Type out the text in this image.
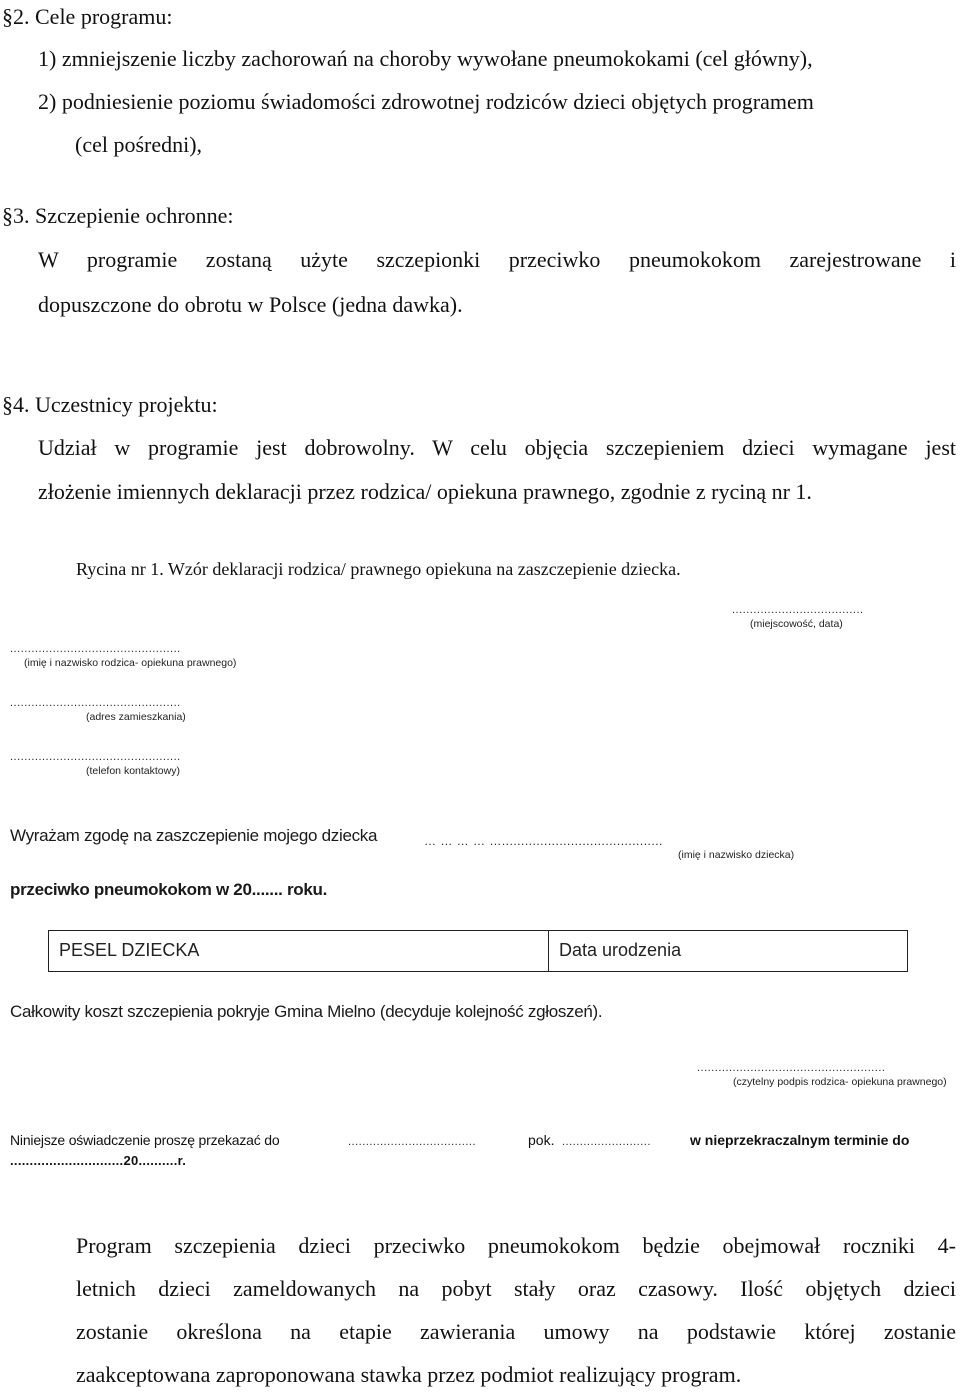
§2. Cele programu:
1) zmniejszenie liczby zachorowań na choroby wywołane pneumokokami (cel główny),
2) podniesienie poziomu świadomości zdrowotnej rodziców dzieci objętych programem
(cel pośredni),
§3. Szczepienie ochronne:
W programie zostaną użyte szczepionki przeciwko pneumokokom zarejestrowane i
dopuszczone do obrotu w Polsce (jedna dawka).
§4. Uczestnicy projektu:
Udział w programie jest dobrowolny. W celu objęcia szczepieniem dzieci wymagane jest
złożenie imiennych deklaracji przez rodzica/ opiekuna prawnego, zgodnie z ryciną nr 1.
Rycina nr 1. Wzór deklaracji rodzica/ prawnego opiekuna na zaszczepienie dziecka.
.....................................
(miejscowość, data)
................................................
(imię i nazwisko rodzica- opiekuna prawnego)
................................................
(adres zamieszkania)
................................................
(telefon kontaktowy)
Wyrażam zgodę na zaszczepienie mojego dziecka	… … … … …..........................................
(imię i nazwisko dziecka)
przeciwko pneumokokom w 20....... roku.
PESEL DZIECKA	Data urodzenia
Całkowity koszt szczepienia pokryje Gmina Mielno (decyduje kolejność zgłoszeń).
.....................................................
(czytelny podpis rodzica- opiekuna prawnego)
Niniejsze oświadczenie proszę przekazać do	....................................	pok. .........................	w nieprzekraczalnym terminie do
.............................20..........r.
Program szczepienia dzieci przeciwko pneumokokom będzie obejmował roczniki 4-
letnich dzieci zameldowanych na pobyt stały oraz czasowy. Ilość objętych dzieci
zostanie określona na etapie zawierania umowy na podstawie której zostanie
zaakceptowana zaproponowana stawka przez podmiot realizujący program.
